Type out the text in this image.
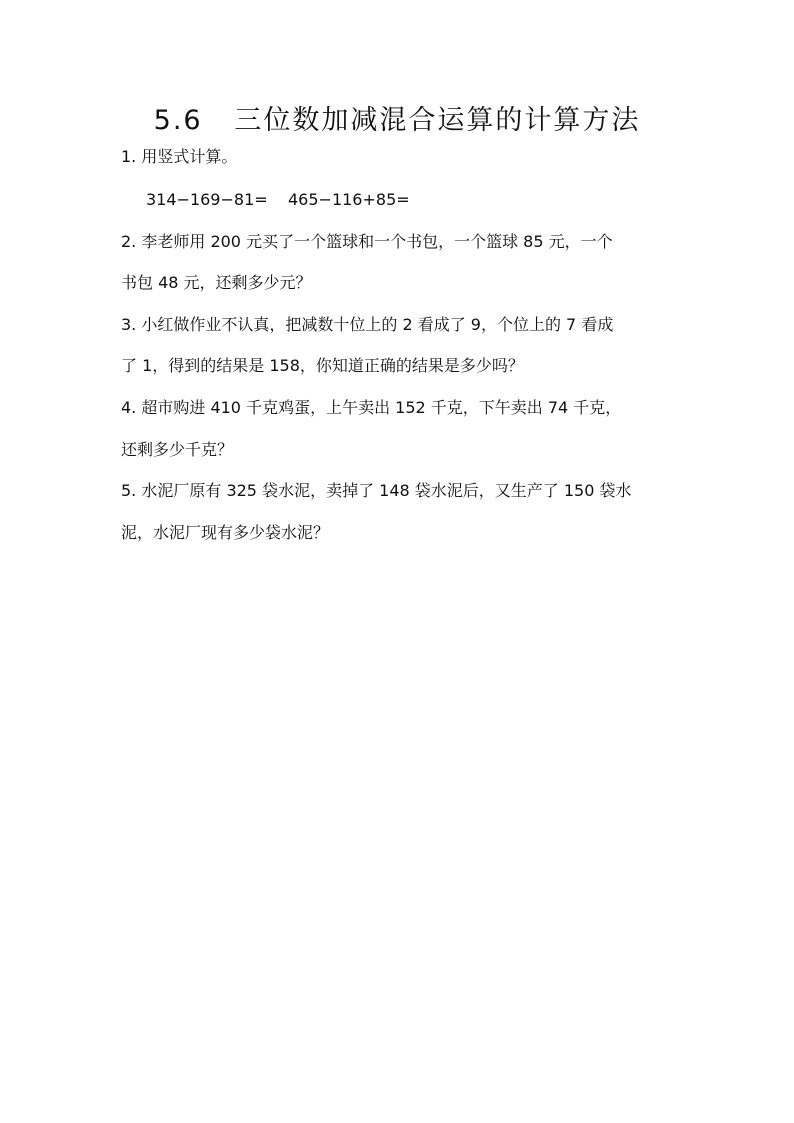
5.6   三位数加减混合运算的计算方法
1. 用竖式计算。
314−169−81=    465−116+85=
2. 李老师用 200 元买了一个篮球和一个书包，一个篮球 85 元，一个
书包 48 元，还剩多少元？
3. 小红做作业不认真，把减数十位上的 2 看成了 9，个位上的 7 看成
了 1，得到的结果是 158，你知道正确的结果是多少吗？
4. 超市购进 410 千克鸡蛋，上午卖出 152 千克，下午卖出 74 千克，
还剩多少千克？
5. 水泥厂原有 325 袋水泥，卖掉了 148 袋水泥后，又生产了 150 袋水
泥，水泥厂现有多少袋水泥？
